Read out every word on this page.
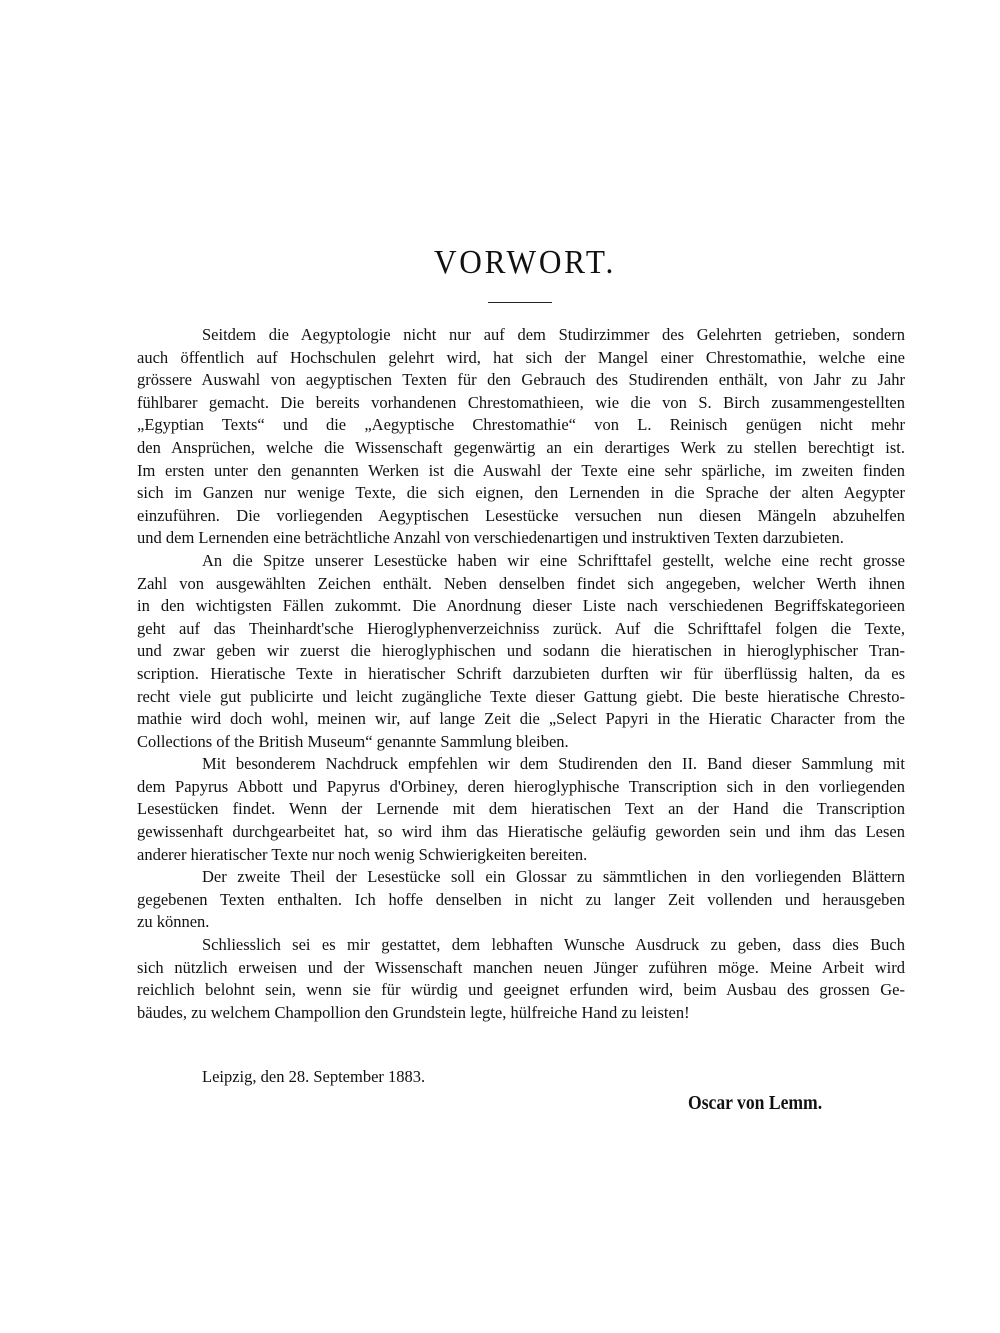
VORWORT.
Seitdem die Aegyptologie nicht nur auf dem Studirzimmer des Gelehrten getrieben, sondern
auch öffentlich auf Hochschulen gelehrt wird, hat sich der Mangel einer Chrestomathie, welche eine
grössere Auswahl von aegyptischen Texten für den Gebrauch des Studirenden enthält, von Jahr zu Jahr
fühlbarer gemacht. Die bereits vorhandenen Chrestomathieen, wie die von S. Birch zusammengestellten
„Egyptian Texts“ und die „Aegyptische Chrestomathie“ von L. Reinisch genügen nicht mehr
den Ansprüchen, welche die Wissenschaft gegenwärtig an ein derartiges Werk zu stellen berechtigt ist.
Im ersten unter den genannten Werken ist die Auswahl der Texte eine sehr spärliche, im zweiten finden
sich im Ganzen nur wenige Texte, die sich eignen, den Lernenden in die Sprache der alten Aegypter
einzuführen. Die vorliegenden Aegyptischen Lesestücke versuchen nun diesen Mängeln abzuhelfen
und dem Lernenden eine beträchtliche Anzahl von verschiedenartigen und instruktiven Texten darzubieten.
An die Spitze unserer Lesestücke haben wir eine Schrifttafel gestellt, welche eine recht grosse
Zahl von ausgewählten Zeichen enthält. Neben denselben findet sich angegeben, welcher Werth ihnen
in den wichtigsten Fällen zukommt. Die Anordnung dieser Liste nach verschiedenen Begriffskategorieen
geht auf das Theinhardt'sche Hieroglyphenverzeichniss zurück. Auf die Schrifttafel folgen die Texte,
und zwar geben wir zuerst die hieroglyphischen und sodann die hieratischen in hieroglyphischer Tran-
scription. Hieratische Texte in hieratischer Schrift darzubieten durften wir für überflüssig halten, da es
recht viele gut publicirte und leicht zugängliche Texte dieser Gattung giebt. Die beste hieratische Chresto-
mathie wird doch wohl, meinen wir, auf lange Zeit die „Select Papyri in the Hieratic Character from the
Collections of the British Museum“ genannte Sammlung bleiben.
Mit besonderem Nachdruck empfehlen wir dem Studirenden den II. Band dieser Sammlung mit
dem Papyrus Abbott und Papyrus d'Orbiney, deren hieroglyphische Transcription sich in den vorliegenden
Lesestücken findet. Wenn der Lernende mit dem hieratischen Text an der Hand die Transcription
gewissenhaft durchgearbeitet hat, so wird ihm das Hieratische geläufig geworden sein und ihm das Lesen
anderer hieratischer Texte nur noch wenig Schwierigkeiten bereiten.
Der zweite Theil der Lesestücke soll ein Glossar zu sämmtlichen in den vorliegenden Blättern
gegebenen Texten enthalten. Ich hoffe denselben in nicht zu langer Zeit vollenden und herausgeben
zu können.
Schliesslich sei es mir gestattet, dem lebhaften Wunsche Ausdruck zu geben, dass dies Buch
sich nützlich erweisen und der Wissenschaft manchen neuen Jünger zuführen möge. Meine Arbeit wird
reichlich belohnt sein, wenn sie für würdig und geeignet erfunden wird, beim Ausbau des grossen Ge-
bäudes, zu welchem Champollion den Grundstein legte, hülfreiche Hand zu leisten!
Leipzig, den 28. September 1883.
Oscar von Lemm.
